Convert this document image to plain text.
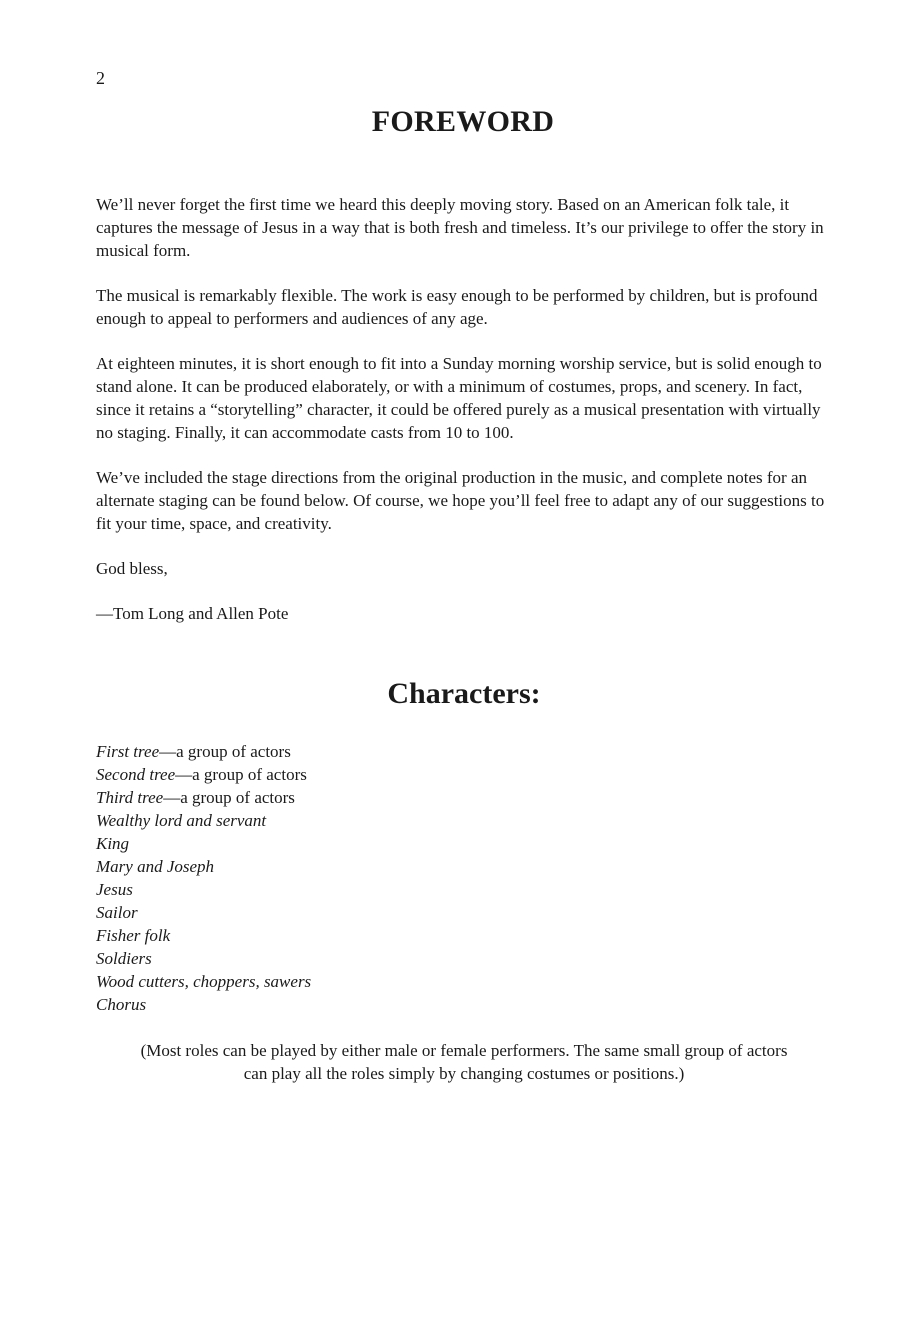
2
FOREWORD

We’ll never forget the first time we heard this deeply moving story. Based on an American folk tale, it captures the message of Jesus in a way that is both fresh and timeless. It’s our privilege to offer the story in musical form.

The musical is remarkably flexible. The work is easy enough to be performed by children, but is profound enough to appeal to performers and audiences of any age.

At eighteen minutes, it is short enough to fit into a Sunday morning worship service, but is solid enough to stand alone. It can be produced elaborately, or with a minimum of costumes, props, and scenery. In fact, since it retains a “storytelling” character, it could be offered purely as a musical presentation with virtually no staging. Finally, it can accommodate casts from 10 to 100.

We’ve included the stage directions from the original production in the music, and complete notes for an alternate staging can be found below. Of course, we hope you’ll feel free to adapt any of our suggestions to fit your time, space, and creativity.

God bless,

—Tom Long and Allen Pote

Characters:
First tree—a group of actors
Second tree—a group of actors
Third tree—a group of actors
Wealthy lord and servant
King
Mary and Joseph
Jesus
Sailor
Fisher folk
Soldiers
Wood cutters, choppers, sawers
Chorus
(Most roles can be played by either male or female performers. The same small group of actors
can play all the roles simply by changing costumes or positions.)
